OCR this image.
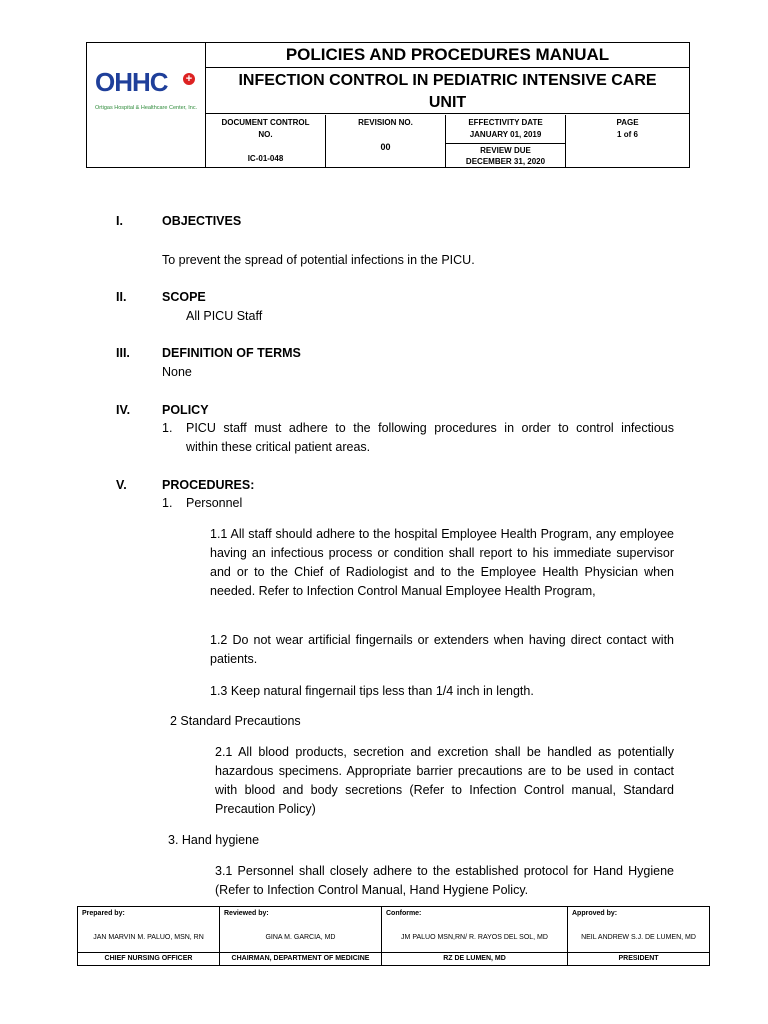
OHHC +
Ortigas Hospital & Healthcare Center, Inc.
POLICIES AND PROCEDURES MANUAL
INFECTION CONTROL IN PEDIATRIC INTENSIVE CARE
UNIT
DOCUMENT CONTROL
NO.
IC-01-048
REVISION NO.
00
EFFECTIVITY DATE
JANUARY 01, 2019
REVIEW DUE
DECEMBER 31, 2020
PAGE
1 of 6
I.	OBJECTIVES
To prevent the spread of potential infections in the PICU.
II.	SCOPE
All PICU Staff
III.	DEFINITION OF TERMS
None
IV.	POLICY
1. PICU staff must adhere to the following procedures in order to control infectious
within these critical patient areas.
V.	PROCEDURES:
1. Personnel
1.1 All staff should adhere to the hospital Employee Health Program, any employee having an infectious process or condition shall report to his immediate supervisor and or to the Chief of Radiologist and to the Employee Health Physician when needed. Refer to Infection Control Manual Employee Health Program,
1.2 Do not wear artificial fingernails or extenders when having direct contact with patients.
1.3 Keep natural fingernail tips less than 1/4 inch in length.
2 Standard Precautions
2.1 All blood products, secretion and excretion shall be handled as potentially hazardous specimens. Appropriate barrier precautions are to be used in contact with blood and body secretions (Refer to Infection Control manual, Standard Precaution Policy)
3. Hand hygiene
3.1 Personnel shall closely adhere to the established protocol for Hand Hygiene (Refer to Infection Control Manual, Hand Hygiene Policy.
Prepared by:
JAN MARVIN M. PALUO, MSN, RN
CHIEF NURSING OFFICER
Reviewed by:
GINA M. GARCIA, MD
CHAIRMAN, DEPARTMENT OF MEDICINE
Conforme:
JM PALUO MSN,RN/ R. RAYOS DEL SOL, MD
RZ DE LUMEN, MD
Approved by:
NEIL ANDREW S.J. DE LUMEN, MD
PRESIDENT
